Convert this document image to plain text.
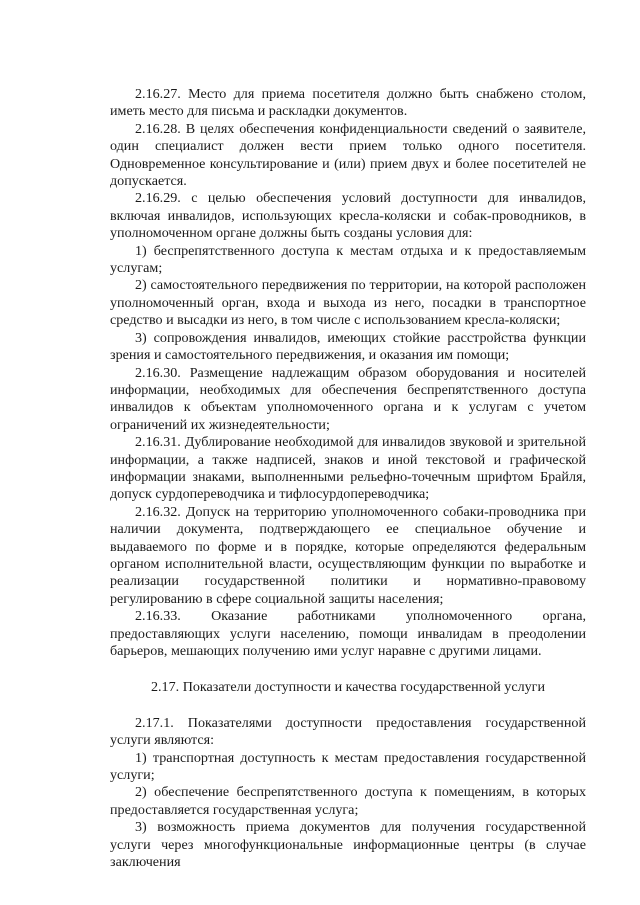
2.16.27. Место для приема посетителя должно быть снабжено столом, иметь место для письма и раскладки документов.

2.16.28. В целях обеспечения конфиденциальности сведений о заявителе, один специалист должен вести прием только одного посетителя. Одновременное консультирование и (или) прием двух и более посетителей не допускается.

2.16.29. с целью обеспечения условий доступности для инвалидов, включая инвалидов, использующих кресла-коляски и собак-проводников, в уполномоченном органе должны быть созданы условия для:

1) беспрепятственного доступа к местам отдыха и к предоставляемым услугам;

2) самостоятельного передвижения по территории, на которой расположен уполномоченный орган, входа и выхода из него, посадки в транспортное средство и высадки из него, в том числе с использованием кресла-коляски;

3) сопровождения инвалидов, имеющих стойкие расстройства функции зрения и самостоятельного передвижения, и оказания им помощи;

2.16.30. Размещение надлежащим образом оборудования и носителей информации, необходимых для обеспечения беспрепятственного доступа инвалидов к объектам уполномоченного органа и к услугам с учетом ограничений их жизнедеятельности;

2.16.31. Дублирование необходимой для инвалидов звуковой и зрительной информации, а также надписей, знаков и иной текстовой и графической информации знаками, выполненными рельефно-точечным шрифтом Брайля, допуск сурдопереводчика и тифлосурдопереводчика;

2.16.32. Допуск на территорию уполномоченного собаки-проводника при наличии документа, подтверждающего ее специальное обучение и выдаваемого по форме и в порядке, которые определяются федеральным органом исполнительной власти, осуществляющим функции по выработке и реализации государственной политики и нормативно-правовому регулированию в сфере социальной защиты населения;

2.16.33. Оказание работниками уполномоченного органа, предоставляющих услуги населению, помощи инвалидам в преодолении барьеров, мешающих получению ими услуг наравне с другими лицами.

2.17. Показатели доступности и качества государственной услуги

2.17.1. Показателями доступности предоставления государственной услуги являются:

1) транспортная доступность к местам предоставления государственной услуги;

2) обеспечение беспрепятственного доступа к помещениям, в которых предоставляется государственная услуга;

3) возможность приема документов для получения государственной услуги через многофункциональные информационные центры (в случае заключения
